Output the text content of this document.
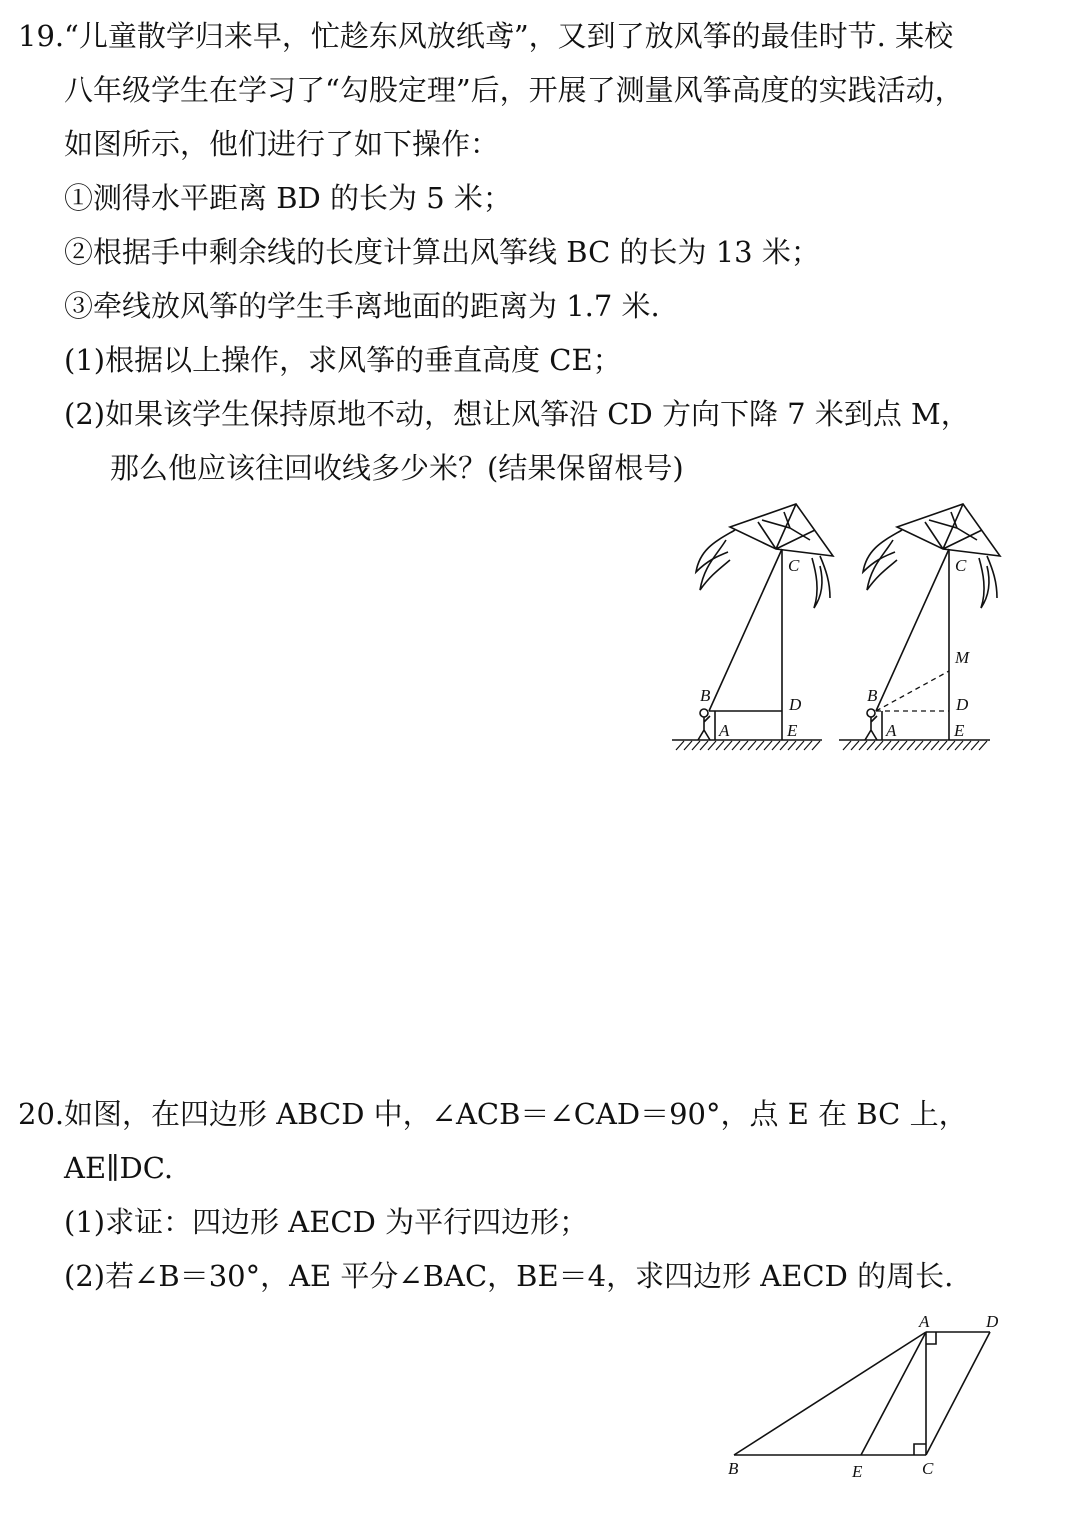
19. “儿童散学归来早，忙趁东风放纸鸢”，又到了放风筝的最佳时节. 某校
八年级学生在学习了“勾股定理”后，开展了测量风筝高度的实践活动，
如图所示，他们进行了如下操作：
①测得水平距离 BD 的长为 5 米；
②根据手中剩余线的长度计算出风筝线 BC 的长为 13 米；
③牵线放风筝的学生手离地面的距离为 1.7 米.
(1)根据以上操作，求风筝的垂直高度 CE；
(2)如果该学生保持原地不动，想让风筝沿 CD 方向下降 7 米到点 M，
那么他应该往回收线多少米？(结果保留根号)
C
B	D
A	E
C
M
B	D
A	E
20. 如图，在四边形 ABCD 中，∠ACB＝∠CAD＝90°，点 E 在 BC 上，
AE∥DC.
(1)求证：四边形 AECD 为平行四边形；
(2)若∠B＝30°，AE 平分∠BAC，BE＝4，求四边形 AECD 的周长.
A	D
B	E	C
